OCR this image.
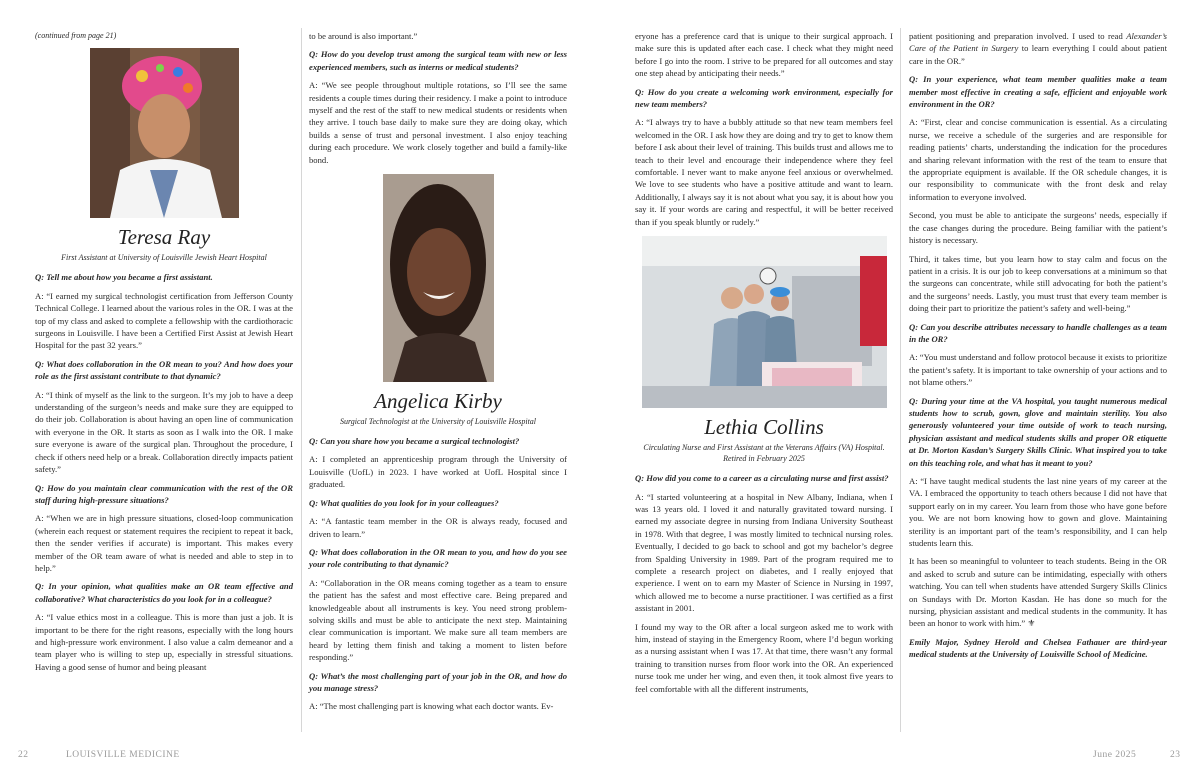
(continued from page 21)

Teresa Ray
First Assistant at University of Louisville Jewish Heart Hospital

Q: Tell me about how you became a first assistant.

A: “I earned my surgical technologist certification from Jefferson County Technical College. I learned about the various roles in the OR. I was at the top of my class and asked to complete a fellowship with the cardiothoracic surgeons in Louisville. I have been a Certified First Assist at Jewish Heart Hospital for the past 32 years.”

Q: What does collaboration in the OR mean to you? And how does your role as the first assistant contribute to that dynamic?

A: “I think of myself as the link to the surgeon. It’s my job to have a deep understanding of the surgeon’s needs and make sure they are equipped to do their job. Collaboration is about having an open line of communication with everyone in the OR. It starts as soon as I walk into the OR. I make sure everyone is aware of the surgical plan. Throughout the procedure, I check if others need help or a break. Collaboration directly impacts patient safety.”

Q: How do you maintain clear communication with the rest of the OR staff during high-pressure situations?

A: “When we are in high pressure situations, closed-loop communication (wherein each request or statement requires the recipient to repeat it back, then the sender verifies if accurate) is important. This makes every member of the OR team aware of what is needed and able to step in to help.”

Q: In your opinion, what qualities make an OR team effective and collaborative? What characteristics do you look for in a colleague?

A: “I value ethics most in a colleague. This is more than just a job. It is important to be there for the right reasons, especially with the long hours and high-pressure work environment. I also value a calm demeanor and a team player who is willing to step up, especially in stressful situations. Having a good sense of humor and being pleasant

to be around is also important.”

Q: How do you develop trust among the surgical team with new or less experienced members, such as interns or medical students?

A: “We see people throughout multiple rotations, so I’ll see the same residents a couple times during their residency. I make a point to introduce myself and the rest of the staff to new medical students or residents when they arrive. I touch base daily to make sure they are doing okay, which builds a sense of trust and personal investment. I also enjoy teaching during each procedure. We work closely together and build a family-like bond.

Angelica Kirby
Surgical Technologist at the University of Louisville Hospital

Q: Can you share how you became a surgical technologist?

A: I completed an apprenticeship program through the University of Louisville (UofL) in 2023. I have worked at UofL Hospital since I graduated.

Q: What qualities do you look for in your colleagues?

A: “A fantastic team member in the OR is always ready, focused and driven to learn.”

Q: What does collaboration in the OR mean to you, and how do you see your role contributing to that dynamic?

A: “Collaboration in the OR means coming together as a team to ensure the patient has the safest and most effective care. Being prepared and knowledgeable about all instruments is key. You need strong problem-solving skills and must be able to anticipate the next step. Maintaining clear communication is important. We make sure all team members are heard by letting them finish and taking a moment to listen before responding.”

Q: What’s the most challenging part of your job in the OR, and how do you manage stress?

A: “The most challenging part is knowing what each doctor wants. Ev-

eryone has a preference card that is unique to their surgical approach. I make sure this is updated after each case. I check what they might need before I go into the room. I strive to be prepared for all outcomes and stay one step ahead by anticipating their needs.”

Q: How do you create a welcoming work environment, especially for new team members?

A: “I always try to have a bubbly attitude so that new team members feel welcomed in the OR. I ask how they are doing and try to get to know them before I ask about their level of training. This builds trust and allows me to teach to their level and encourage their independence where they feel comfortable. I never want to make anyone feel anxious or overwhelmed. We love to see students who have a positive attitude and want to learn. Additionally, I always say it is not about what you say, it is about how you say it. If your words are caring and respectful, it will be better received than if you speak bluntly or rudely.”

Lethia Collins
Circulating Nurse and First Assistant at the Veterans Affairs (VA) Hospital. Retired in February 2025

Q: How did you come to a career as a circulating nurse and first assist?

A: “I started volunteering at a hospital in New Albany, Indiana, when I was 13 years old. I loved it and naturally gravitated toward nursing. I earned my associate degree in nursing from Indiana University Southeast in 1978. With that degree, I was mostly limited to technical nursing roles. Eventually, I decided to go back to school and got my bachelor’s degree from Spalding University in 1989. Part of the program required me to complete a research project on diabetes, and I really enjoyed that experience. I went on to earn my Master of Science in Nursing in 1997, which allowed me to become a nurse practitioner. I was certified as a first assistant in 2001.

I found my way to the OR after a local surgeon asked me to work with him, instead of staying in the Emergency Room, where I’d begun working as a nursing assistant when I was 17. At that time, there wasn’t any formal training to transition nurses from floor work into the OR. An experienced nurse took me under her wing, and even then, it took almost five years to feel comfortable with all the different instruments,

patient positioning and preparation involved. I used to read Alexander’s Care of the Patient in Surgery to learn everything I could about patient care in the OR.”

Q: In your experience, what team member qualities make a team member most effective in creating a safe, efficient and enjoyable work environment in the OR?

A: “First, clear and concise communication is essential. As a circulating nurse, we receive a schedule of the surgeries and are responsible for reading patients’ charts, understanding the indication for the procedures and sharing relevant information with the rest of the team to ensure that the appropriate equipment is available. If the OR schedule changes, it is our responsibility to communicate with the front desk and relay information to everyone involved.

Second, you must be able to anticipate the surgeons’ needs, especially if the case changes during the procedure. Being familiar with the patient’s history is necessary.

Third, it takes time, but you learn how to stay calm and focus on the patient in a crisis. It is our job to keep conversations at a minimum so that the surgeons can concentrate, while still advocating for both the patient’s and the surgeons’ needs. Lastly, you must trust that every team member is doing their part to prioritize the patient’s safety and well-being.”

Q: Can you describe attributes necessary to handle challenges as a team in the OR?

A: “You must understand and follow protocol because it exists to prioritize the patient’s safety. It is important to take ownership of your actions and to not blame others.”

Q: During your time at the VA hospital, you taught numerous medical students how to scrub, gown, glove and maintain sterility. You also generously volunteered your time outside of work to teach nursing, physician assistant and medical students skills and proper OR etiquette at Dr. Morton Kasdan’s Surgery Skills Clinic. What inspired you to take on this teaching role, and what has it meant to you?

A: “I have taught medical students the last nine years of my career at the VA. I embraced the opportunity to teach others because I did not have that support early on in my career. You learn from those who have gone before you. We are not born knowing how to gown and glove. Maintaining sterility is an important part of the team’s responsibility, and I can help students learn this.

It has been so meaningful to volunteer to teach students. Being in the OR and asked to scrub and suture can be intimidating, especially with others watching. You can tell when students have attended Surgery Skills Clinics on Sundays with Dr. Morton Kasdan. He has done so much for the nursing, physician assistant and medical students in the community. It has been an honor to work with him.” ⚜

Emily Major, Sydney Herold and Chelsea Fathauer are third-year medical students at the University of Louisville School of Medicine.

22	LOUISVILLE MEDICINE	June 2025	23
